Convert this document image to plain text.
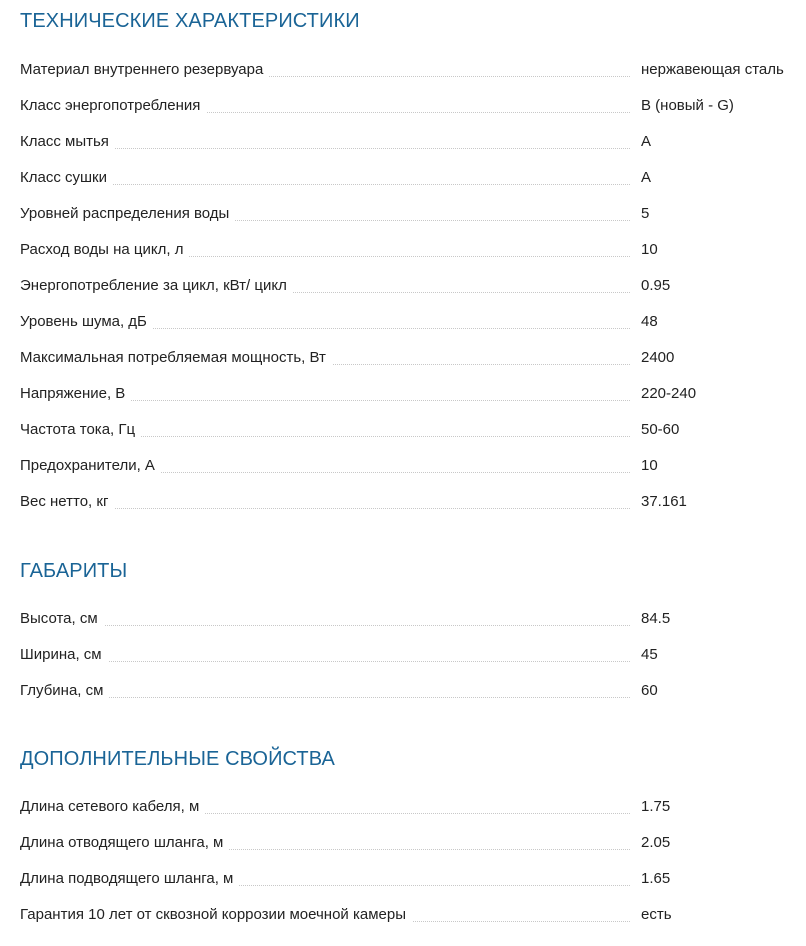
ТЕХНИЧЕСКИЕ ХАРАКТЕРИСТИКИ
Материал внутреннего резервуара	нержавеющая сталь
Класс энергопотребления	B (новый - G)
Класс мытья	A
Класс сушки	A
Уровней распределения воды	5
Расход воды на цикл, л	10
Энергопотребление за цикл, кВт/ цикл	0.95
Уровень шума, дБ	48
Максимальная потребляемая мощность, Вт	2400
Напряжение, В	220-240
Частота тока, Гц	50-60
Предохранители, А	10
Вес нетто, кг	37.161
ГАБАРИТЫ
Высота, см	84.5
Ширина, см	45
Глубина, см	60
ДОПОЛНИТЕЛЬНЫЕ СВОЙСТВА
Длина сетевого кабеля, м	1.75
Длина отводящего шланга, м	2.05
Длина подводящего шланга, м	1.65
Гарантия 10 лет от сквозной коррозии моечной камеры	есть
